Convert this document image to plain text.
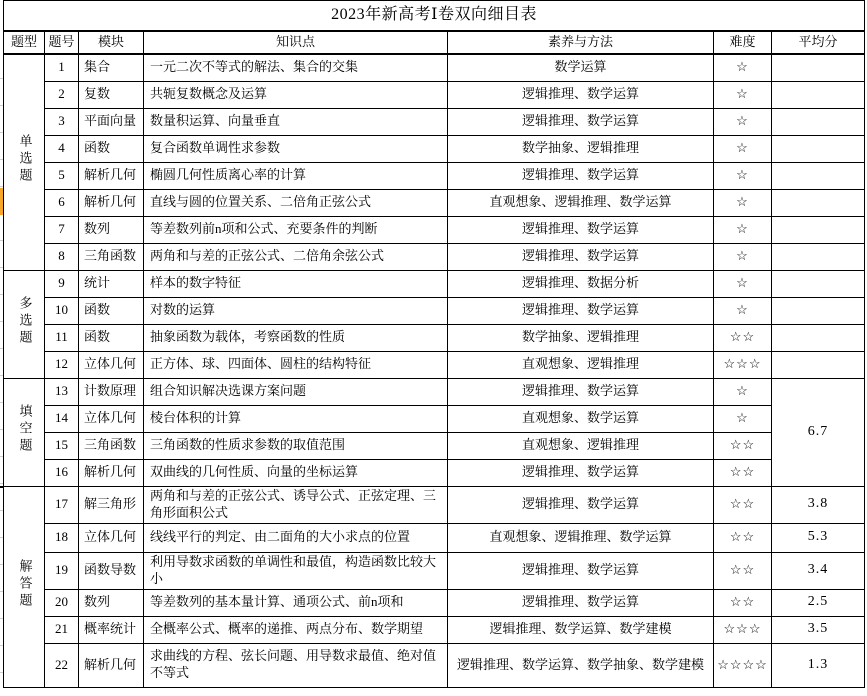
2023年新高考Ⅰ卷双向细目表						
题型	题号	模块	知识点	素养与方法	难度	平均分
单选题	1	集合	一元二次不等式的解法、集合的交集	数学运算	☆	
	2	复数	共轭复数概念及运算	逻辑推理、数学运算	☆	
	3	平面向量	数量积运算、向量垂直	逻辑推理、数学运算	☆	
	4	函数	复合函数单调性求参数	数学抽象、逻辑推理	☆	
	5	解析几何	椭圆几何性质离心率的计算	逻辑推理、数学运算	☆	
	6	解析几何	直线与圆的位置关系、二倍角正弦公式	直观想象、逻辑推理、数学运算	☆	
	7	数列	等差数列前n项和公式、充要条件的判断	逻辑推理、数学运算	☆	
	8	三角函数	两角和与差的正弦公式、二倍角余弦公式	逻辑推理、数学运算	☆	
多选题	9	统计	样本的数字特征	逻辑推理、数据分析	☆	
	10	函数	对数的运算	逻辑推理、数学运算	☆	
	11	函数	抽象函数为载体，考察函数的性质	数学抽象、逻辑推理	☆☆	
	12	立体几何	正方体、球、四面体、圆柱的结构特征	直观想象、逻辑推理	☆☆☆	
填空题	13	计数原理	组合知识解决选课方案问题	逻辑推理、数学运算	☆	6.7
	14	立体几何	棱台体积的计算	直观想象、数学运算	☆	
	15	三角函数	三角函数的性质求参数的取值范围	直观想象、逻辑推理	☆☆	
	16	解析几何	双曲线的几何性质、向量的坐标运算	逻辑推理、数学运算	☆☆	
解答题	17	解三角形	两角和与差的正弦公式、诱导公式、正弦定理、三角形面积公式	逻辑推理、数学运算	☆☆	3.8
	18	立体几何	线线平行的判定、由二面角的大小求点的位置	直观想象、逻辑推理、数学运算	☆☆	5.3
	19	函数导数	利用导数求函数的单调性和最值，构造函数比较大小	逻辑推理、数学运算	☆☆	3.4
	20	数列	等差数列的基本量计算、通项公式、前n项和	逻辑推理、数学运算	☆☆	2.5
	21	概率统计	全概率公式、概率的递推、两点分布、数学期望	逻辑推理、数学运算、数学建模	☆☆☆	3.5
	22	解析几何	求曲线的方程、弦长问题、用导数求最值、绝对值不等式	逻辑推理、数学运算、数学抽象、数学建模	☆☆☆☆	1.3
